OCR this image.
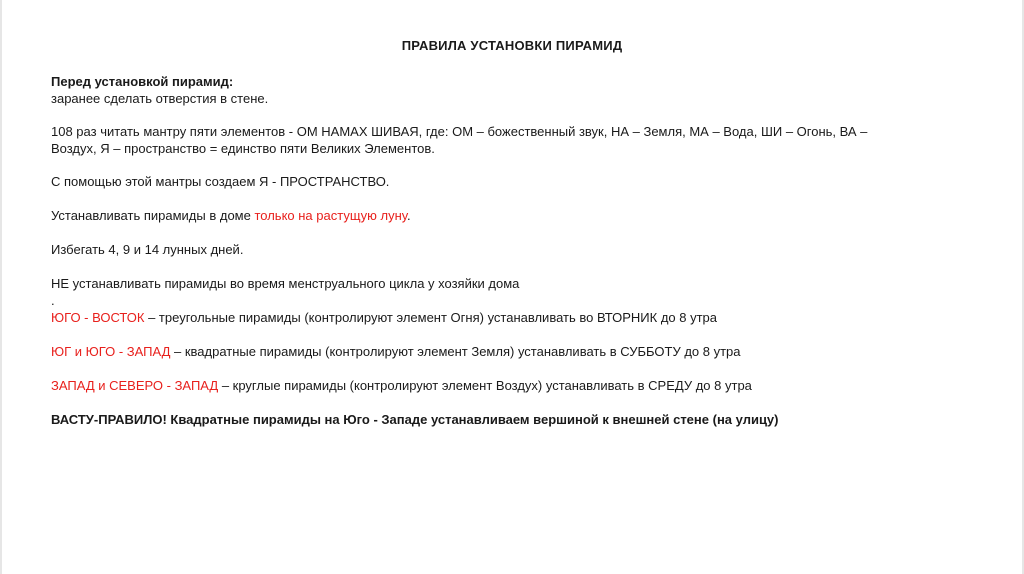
ПРАВИЛА УСТАНОВКИ ПИРАМИД

Перед установкой пирамид:

заранее сделать отверстия в стене.

108 раз читать мантру пяти элементов - ОМ НАМАХ ШИВАЯ, где: ОМ – божественный звук, НА – Земля, МА – Вода, ШИ – Огонь, ВА –

Воздух, Я – пространство = единство пяти Великих Элементов.

С помощью этой мантры создаем Я - ПРОСТРАНСТВО.

Устанавливать пирамиды в доме только на растущую луну.

Избегать 4, 9 и 14 лунных дней.

НЕ устанавливать пирамиды во время менструального цикла у хозяйки дома

.

ЮГО - ВОСТОК – треугольные пирамиды (контролируют элемент Огня) устанавливать во ВТОРНИК до 8 утра

ЮГ и ЮГО - ЗАПАД – квадратные пирамиды (контролируют элемент Земля) устанавливать в СУББОТУ до 8 утра

ЗАПАД и СЕВЕРО - ЗАПАД – круглые пирамиды (контролируют элемент Воздух) устанавливать в СРЕДУ до 8 утра

ВАСТУ-ПРАВИЛО! Квадратные пирамиды на Юго - Западе устанавливаем вершиной к внешней стене (на улицу)
